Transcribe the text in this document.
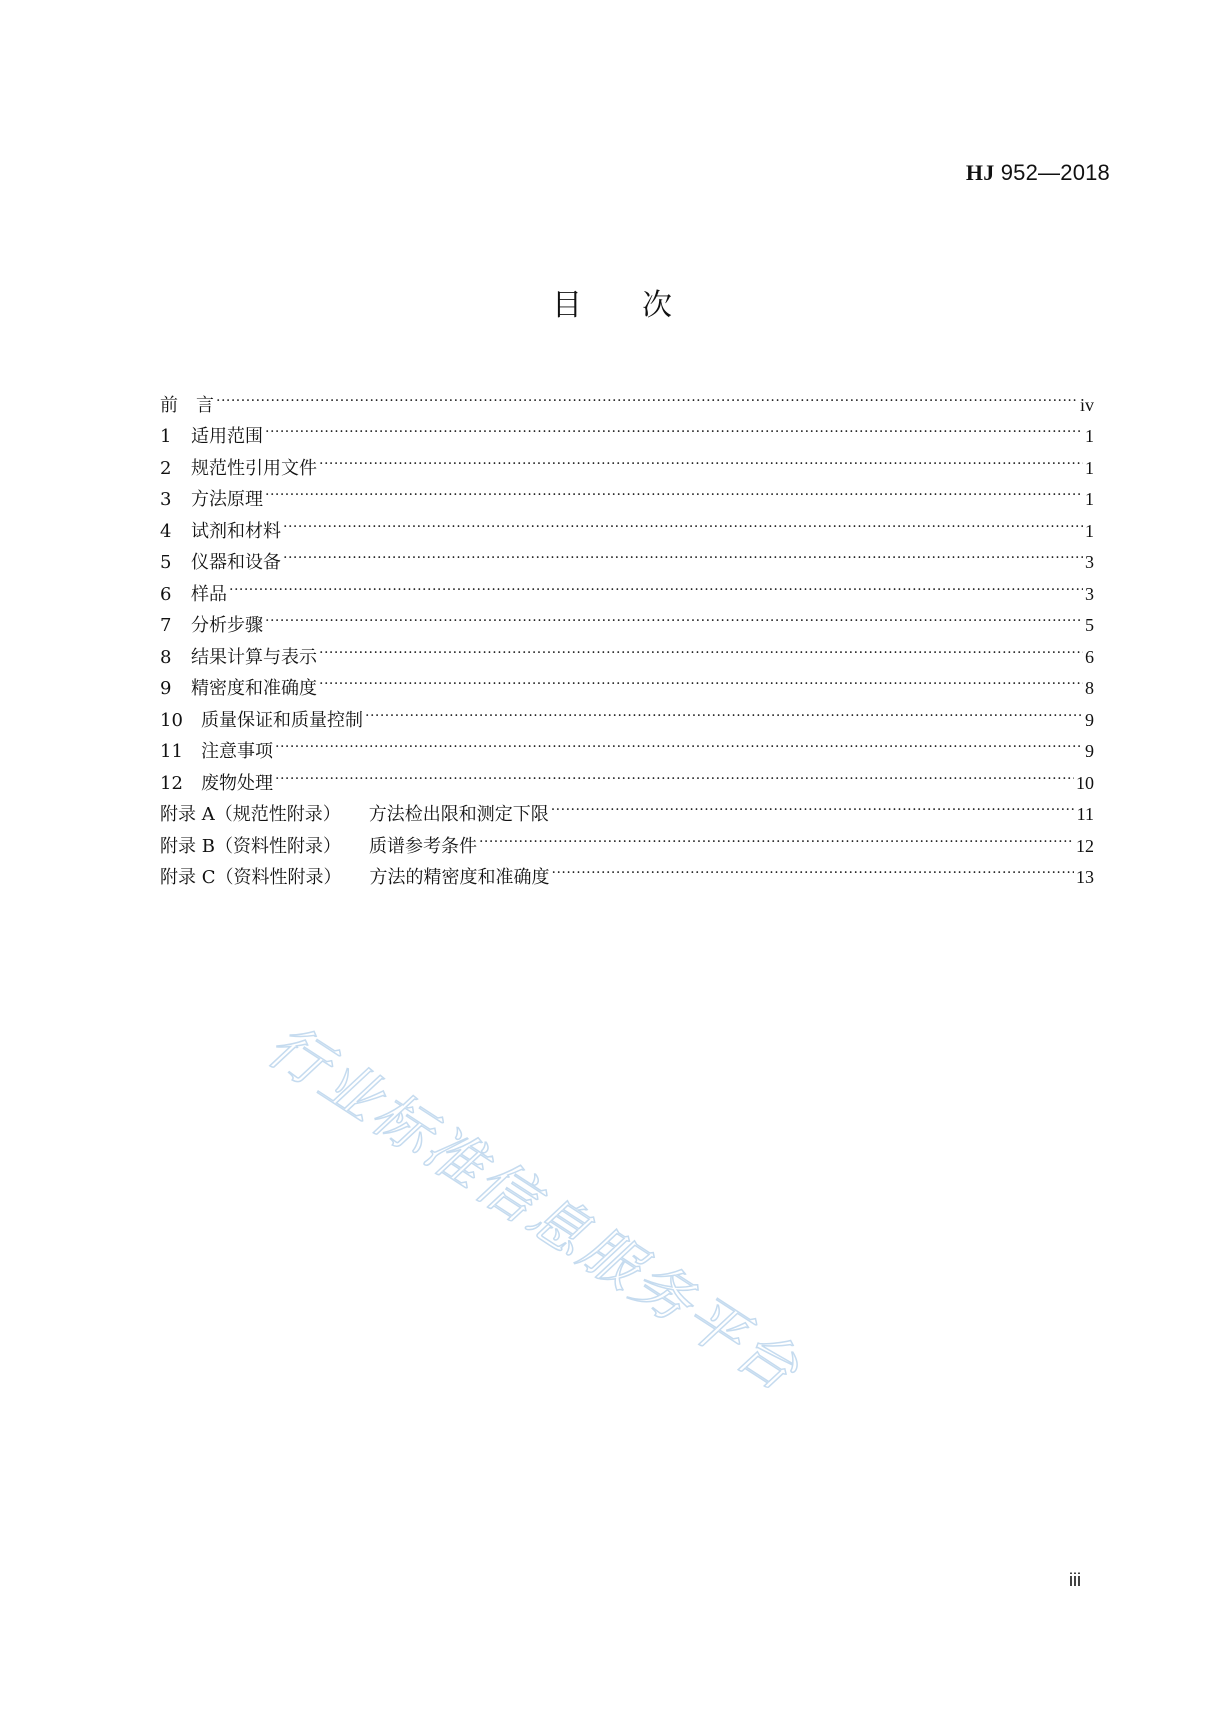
HJ 952—2018
目次
前　言 .....	iv
1	适用范围 .....	1
2	规范性引用文件 .....	1
3	方法原理 .....	1
4	试剂和材料 .....	1
5	仪器和设备 .....	3
6	样品 .....	3
7	分析步骤 .....	5
8	结果计算与表示 .....	6
9	精密度和准确度 .....	8
10	质量保证和质量控制 .....	9
11	注意事项 .....	9
12	废物处理 .....	10
附录 A（规范性附录） 方法检出限和测定下限 .....	11
附录 B（资料性附录） 质谱参考条件 .....	12
附录 C（资料性附录） 方法的精密度和准确度 .....	13
行业标准信息服务平台
iii
